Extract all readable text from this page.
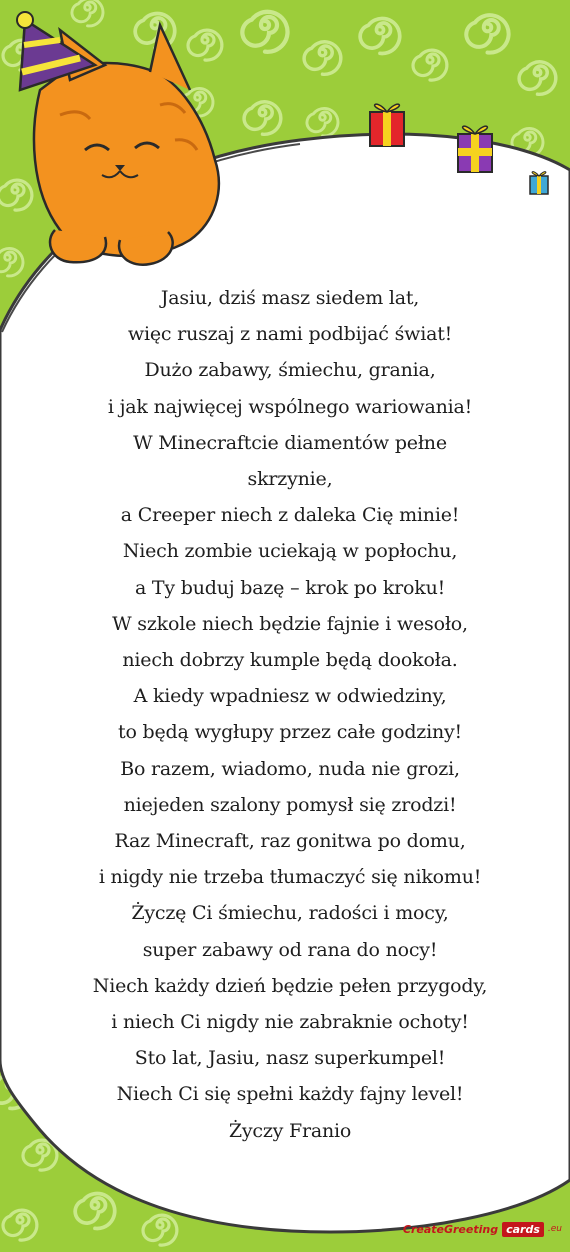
Jasiu, dziś masz siedem lat,
więc ruszaj z nami podbijać świat!
Dużo zabawy, śmiechu, grania,
i jak najwięcej wspólnego wariowania!
W Minecraftcie diamentów pełne
skrzynie,
a Creeper niech z daleka Cię minie!
Niech zombie uciekają w popłochu,
a Ty buduj bazę – krok po kroku!
W szkole niech będzie fajnie i wesoło,
niech dobrzy kumple będą dookoła.
A kiedy wpadniesz w odwiedziny,
to będą wygłupy przez całe godziny!
Bo razem, wiadomo, nuda nie grozi,
niejeden szalony pomysł się zrodzi!
Raz Minecraft, raz gonitwa po domu,
i nigdy nie trzeba tłumaczyć się nikomu!
Życzę Ci śmiechu, radości i mocy,
super zabawy od rana do nocy!
Niech każdy dzień będzie pełen przygody,
i niech Ci nigdy nie zabraknie ochoty!
Sto lat, Jasiu, nasz superkumpel!
Niech Ci się spełni każdy fajny level!
Życzy Franio
CreateGreeting cards .eu
